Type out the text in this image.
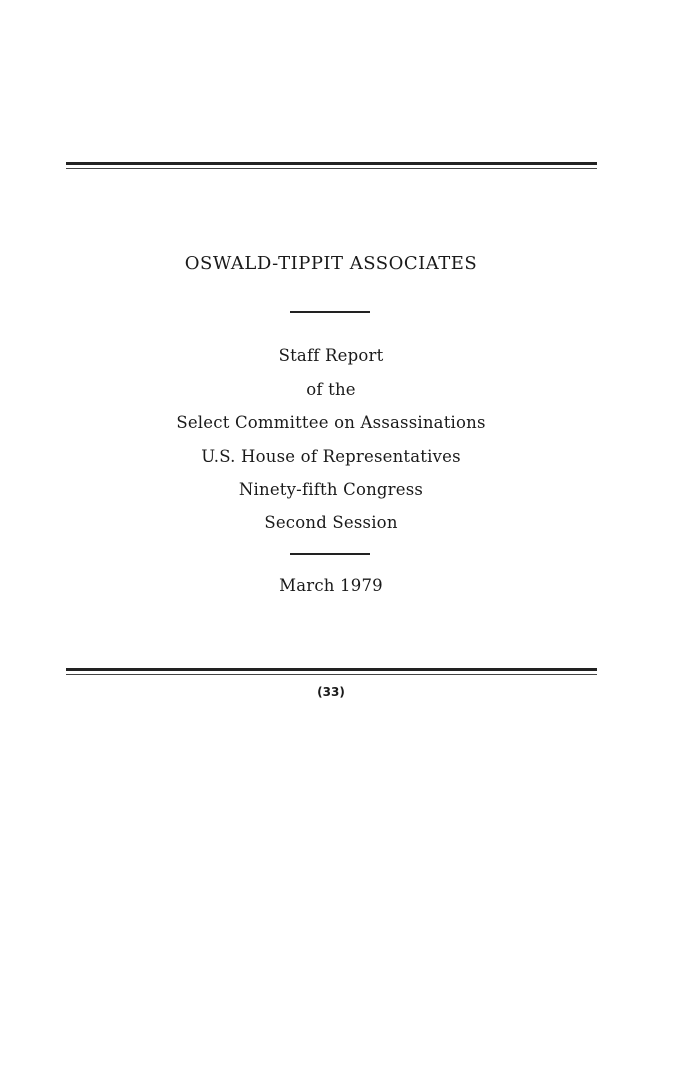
OSWALD-TIPPIT ASSOCIATES
Staff Report
of the
Select Committee on Assassinations
U.S. House of Representatives
Ninety-fifth Congress
Second Session
March 1979
(33)
